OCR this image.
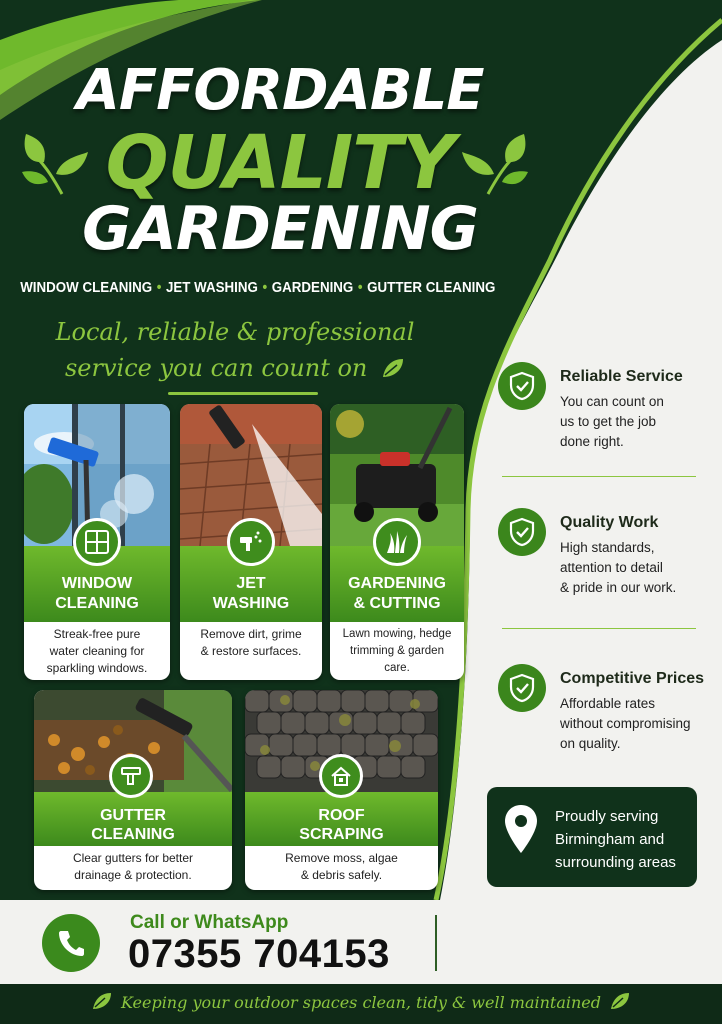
AFFORDABLE
QUALITY
GARDENING
WINDOW CLEANING • JET WASHING • GARDENING • GUTTER CLEANING
Local, reliable & professional
service you can count on
WINDOW
CLEANING
Streak-free pure
water cleaning for
sparkling windows.
JET
WASHING
Remove dirt, grime
& restore surfaces.
GARDENING
& CUTTING
Lawn mowing, hedge
trimming & garden care.
GUTTER
CLEANING
Clear gutters for better
drainage & protection.
ROOF
SCRAPING
Remove moss, algae
& debris safely.
Reliable Service
You can count on
us to get the job
done right.
Quality Work
High standards,
attention to detail
& pride in our work.
Competitive Prices
Affordable rates
without compromising
on quality.
Proudly serving
Birmingham and
surrounding areas
Call or WhatsApp
07355 704153
Keeping your outdoor spaces clean, tidy & well maintained
